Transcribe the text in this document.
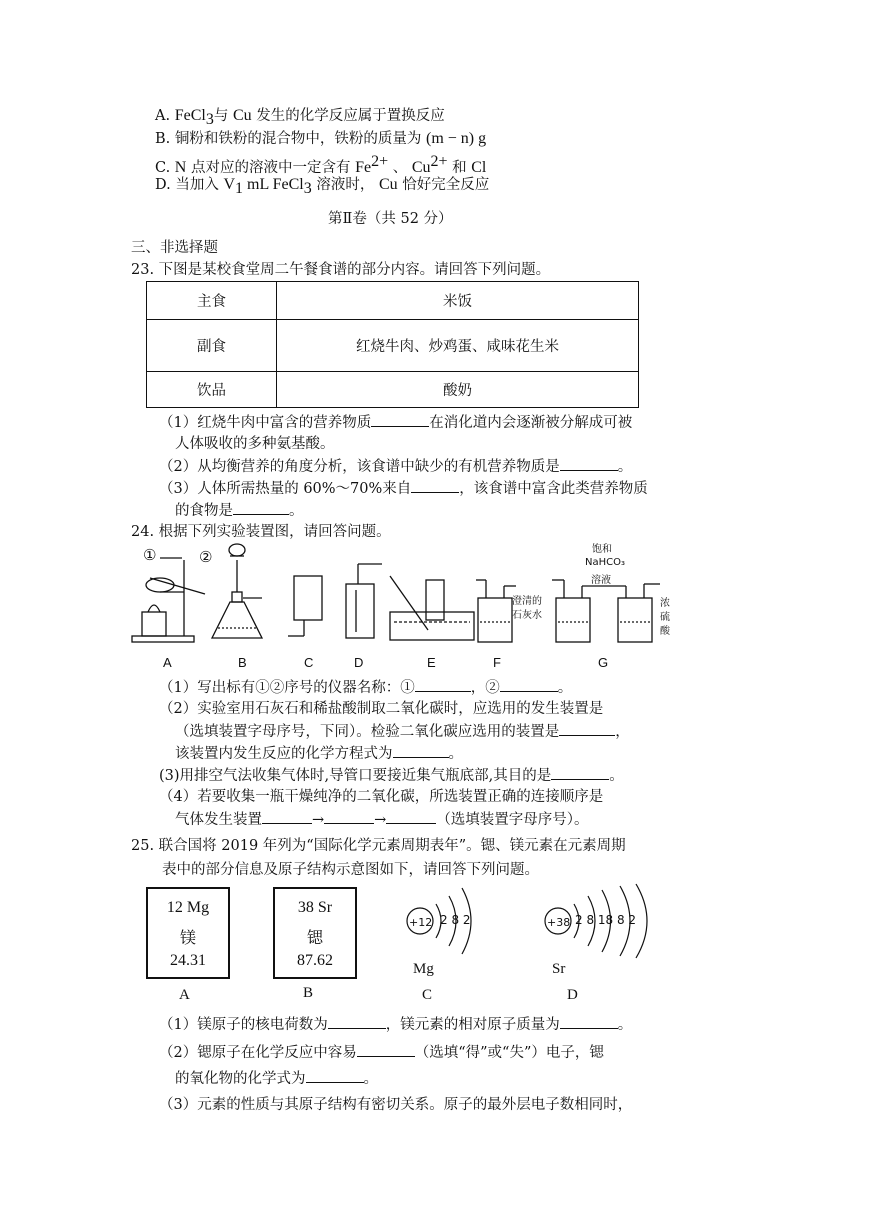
A. FeCl$_3$与 Cu 发生的化学反应属于置换反应
B. 铜粉和铁粉的混合物中，铁粉的质量为 (m − n) g
C. N 点对应的溶液中一定含有 $Fe^{2+}$ 、 $Cu^{2+}$ 和 Cl
D. 当加入 $V_1$ mL FeCl$_3$ 溶液时， Cu 恰好完全反应
第Ⅱ卷（共 52 分）
三、非选择题
23. 下图是某校食堂周二午餐食谱的部分内容。请回答下列问题。
主食	米饭
副食	红烧牛肉、炒鸡蛋、咸味花生米
饮品	酸奶
（1）红烧牛肉中富含的营养物质	在消化道内会逐渐被分解成可被
人体吸收的多种氨基酸。
（2）从均衡营养的角度分析，该食谱中缺少的有机营养物质是	。
（3）人体所需热量的 60%～70%来自	，该食谱中富含此类营养物质
的食物是	。
24. 根据下列实验装置图，请回答问题。
①	②
澄清的
石灰水
饱和
NaHCO₃
溶液
浓
硫
酸
A	B	C	D	E	F	G
（1）写出标有①②序号的仪器名称：①	，②	。
（2）实验室用石灰石和稀盐酸制取二氧化碳时，应选用的发生装置是
（选填装置字母序号，下同）。检验二氧化碳应选用的装置是	，
该装置内发生反应的化学方程式为	。
(3)用排空气法收集气体时,导管口要接近集气瓶底部,其目的是	。
（4）若要收集一瓶干燥纯净的二氧化碳，所选装置正确的连接顺序是
气体发生装置	→	→	（选填装置字母序号）。
25. 联合国将 2019 年列为“国际化学元素周期表年”。锶、镁元素在元素周期
表中的部分信息及原子结构示意图如下，请回答下列问题。
12 Mg
镁
24.31
38 Sr
锶
87.62
+12 2 8 2	+38 2 8 18 8 2
Mg	Sr
A	B	C	D
（1）镁原子的核电荷数为	，镁元素的相对原子质量为	。
（2）锶原子在化学反应中容易	（选填“得”或“失”）电子，锶
的氧化物的化学式为	。
（3）元素的性质与其原子结构有密切关系。原子的最外层电子数相同时，
